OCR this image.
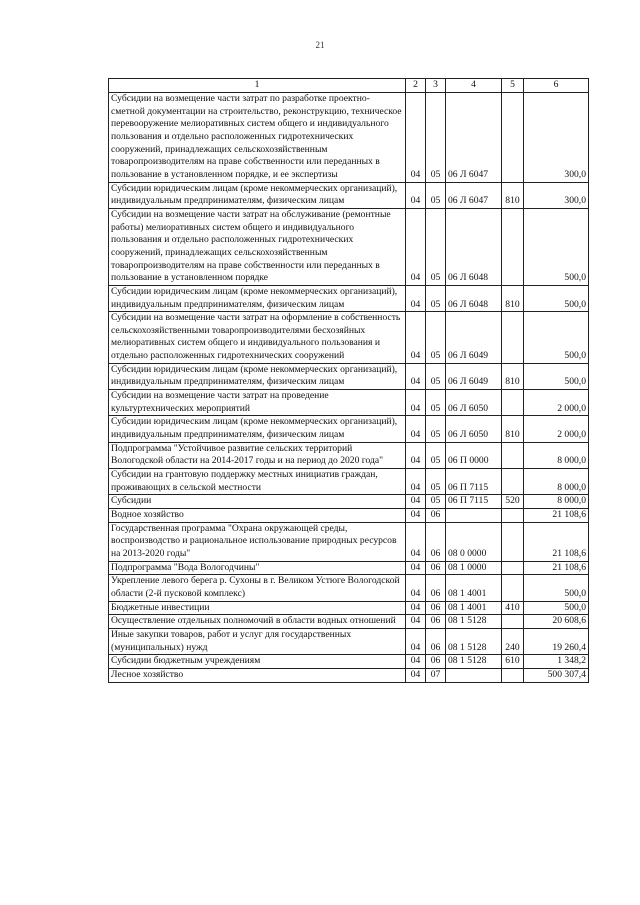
21
1	2	3	4	5	6
Субсидии на возмещение части затрат по разработке проектно-сметной документации на строительство, реконструкцию, техническое перевооружение мелиоративных систем общего и индивидуального пользования и отдельно расположенных гидротехнических сооружений, принадлежащих сельскохозяйственным товаропроизводителям на праве собственности или переданных в пользование в установленном порядке, и ее экспертизы	04	05	06 Л 6047		300,0
Субсидии юридическим лицам (кроме некоммерческих организаций), индивидуальным предпринимателям, физическим лицам	04	05	06 Л 6047	810	300,0
Субсидии на возмещение части затрат на обслуживание (ремонтные работы) мелиоративных систем общего и индивидуального пользования и отдельно расположенных гидротехнических сооружений, принадлежащих сельскохозяйственным товаропроизводителям на праве собственности или переданных в пользование в установленном порядке	04	05	06 Л 6048		500,0
Субсидии юридическим лицам (кроме некоммерческих организаций), индивидуальным предпринимателям, физическим лицам	04	05	06 Л 6048	810	500,0
Субсидии на возмещение части затрат на оформление в собственность сельскохозяйственными товаропроизводителями бесхозяйных мелиоративных систем общего и индивидуального пользования и отдельно расположенных гидротехнических сооружений	04	05	06 Л 6049		500,0
Субсидии юридическим лицам (кроме некоммерческих организаций), индивидуальным предпринимателям, физическим лицам	04	05	06 Л 6049	810	500,0
Субсидии на возмещение части затрат на проведение культуртехнических мероприятий	04	05	06 Л 6050		2 000,0
Субсидии юридическим лицам (кроме некоммерческих организаций), индивидуальным предпринимателям, физическим лицам	04	05	06 Л 6050	810	2 000,0
Подпрограмма "Устойчивое развитие сельских территорий Вологодской области на 2014-2017 годы и на период до 2020 года"	04	05	06 П 0000		8 000,0
Субсидии на грантовую поддержку местных инициатив граждан, проживающих в сельской местности	04	05	06 П 7115		8 000,0
Субсидии	04	05	06 П 7115	520	8 000,0
Водное хозяйство	04	06			21 108,6
Государственная программа "Охрана окружающей среды, воспроизводство и рациональное использование природных ресурсов на 2013-2020 годы"	04	06	08 0 0000		21 108,6
Подпрограмма "Вода Вологодчины"	04	06	08 1 0000		21 108,6
Укрепление левого берега р. Сухоны в г. Великом Устюге Вологодской области (2-й пусковой комплекс)	04	06	08 1 4001		500,0
Бюджетные инвестиции	04	06	08 1 4001	410	500,0
Осуществление отдельных полномочий в области водных отношений	04	06	08 1 5128		20 608,6
Иные закупки товаров, работ и услуг для государственных (муниципальных) нужд	04	06	08 1 5128	240	19 260,4
Субсидии бюджетным учреждениям	04	06	08 1 5128	610	1 348,2
Лесное хозяйство	04	07			500 307,4
